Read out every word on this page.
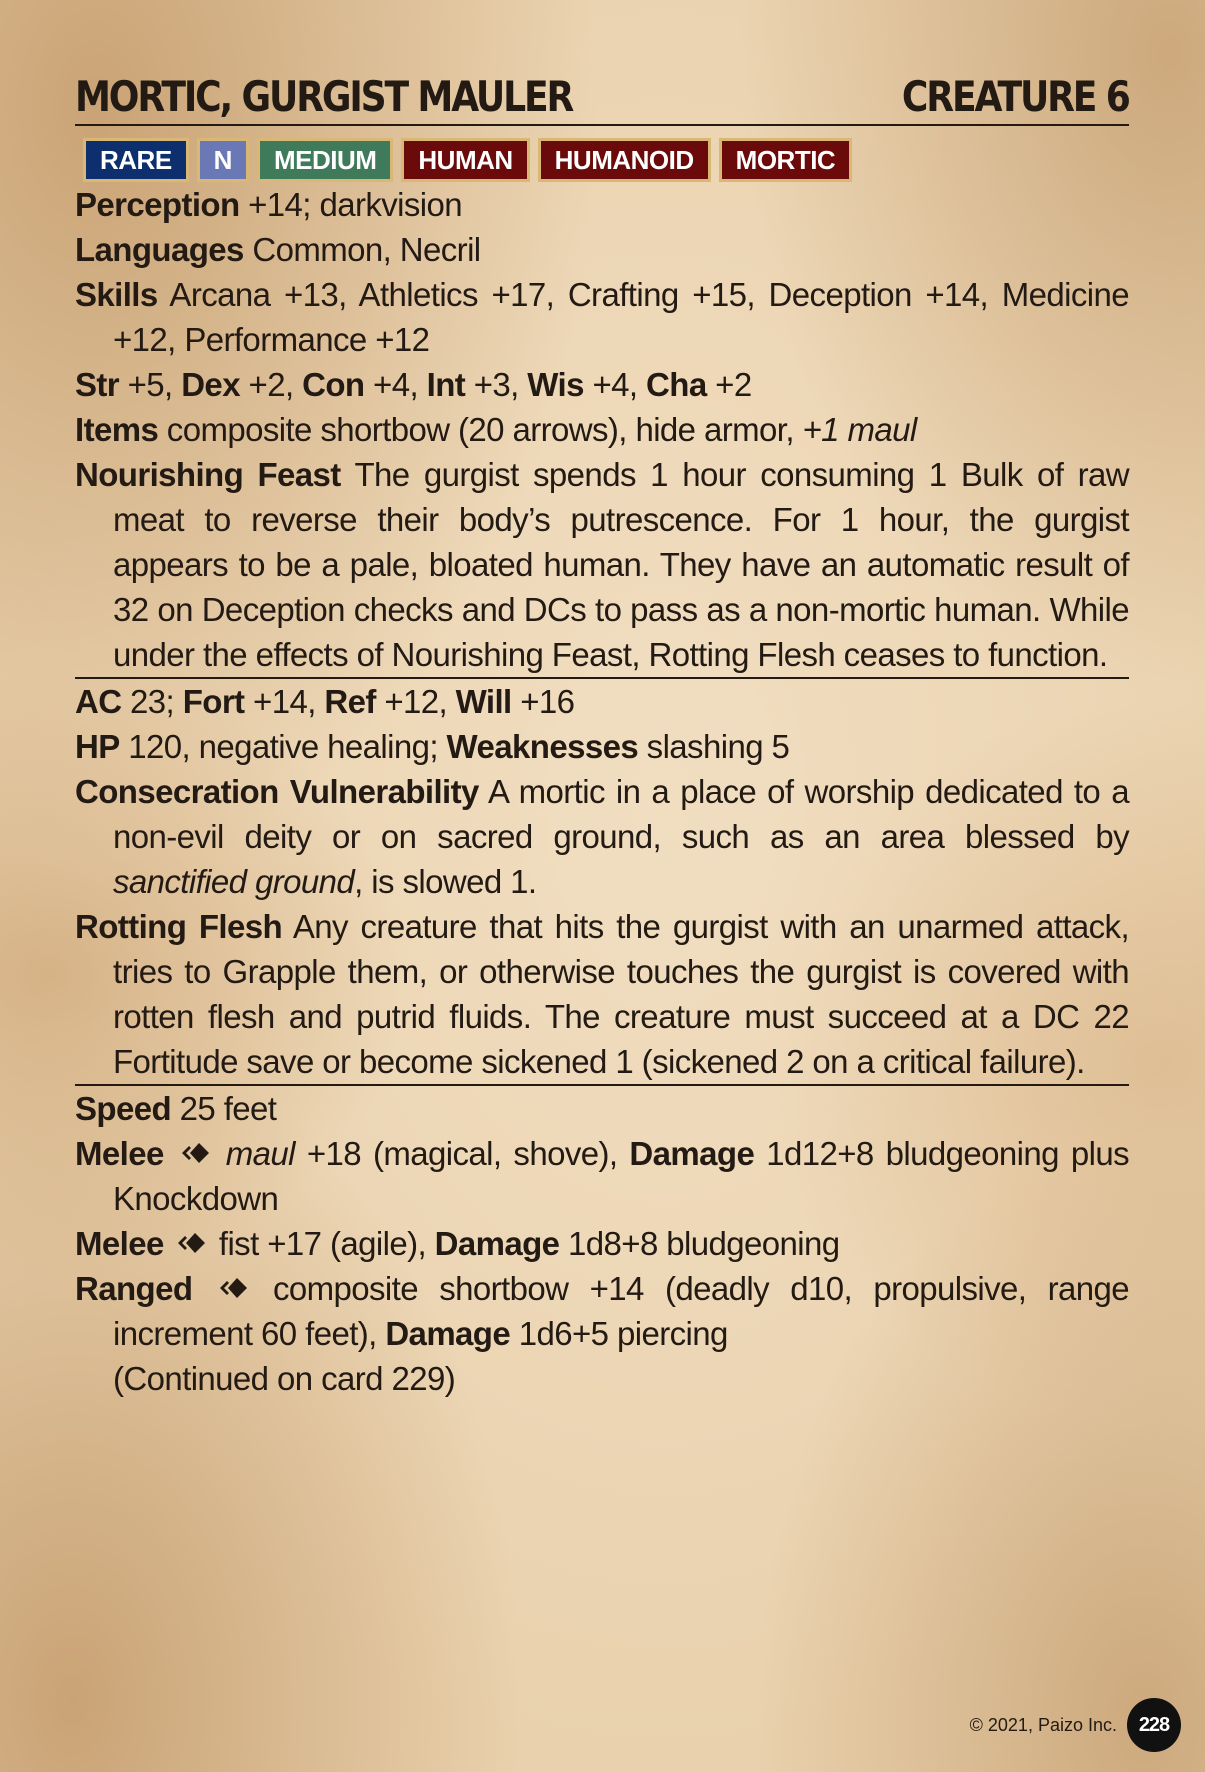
MORTIC, GURGIST MAULER	CREATURE 6
RARE	N	MEDIUM	HUMAN	HUMANOID	MORTIC

Perception +14; darkvision

Languages Common, Necril

Skills Arcana +13, Athletics +17, Crafting +15, Deception +14, Medicine +12, Performance +12

Str +5, Dex +2, Con +4, Int +3, Wis +4, Cha +2

Items composite shortbow (20 arrows), hide armor, +1 maul

Nourishing Feast The gurgist spends 1 hour consuming 1 Bulk of raw meat to reverse their body’s putrescence. For 1 hour, the gurgist appears to be a pale, bloated human. They have an automatic result of 32 on Deception checks and DCs to pass as a non-mortic human. While under the effects of Nourishing Feast, Rotting Flesh ceases to function.

AC 23; Fort +14, Ref +12, Will +16

HP 120, negative healing; Weaknesses slashing 5

Consecration Vulnerability A mortic in a place of worship dedicated to a non-evil deity or on sacred ground, such as an area blessed by sanctified ground, is slowed 1.

Rotting Flesh Any creature that hits the gurgist with an unarmed attack, tries to Grapple them, or otherwise touches the gurgist is covered with rotten flesh and putrid fluids. The creature must succeed at a DC 22 Fortitude save or become sickened 1 (sickened 2 on a critical failure).

Speed 25 feet

Melee maul +18 (magical, shove), Damage 1d12+8 bludgeoning plus Knockdown

Melee fist +17 (agile), Damage 1d8+8 bludgeoning

Ranged composite shortbow +14 (deadly d10, propulsive, range increment 60 feet), Damage 1d6+5 piercing

(Continued on card 229)

© 2021, Paizo Inc.	228
